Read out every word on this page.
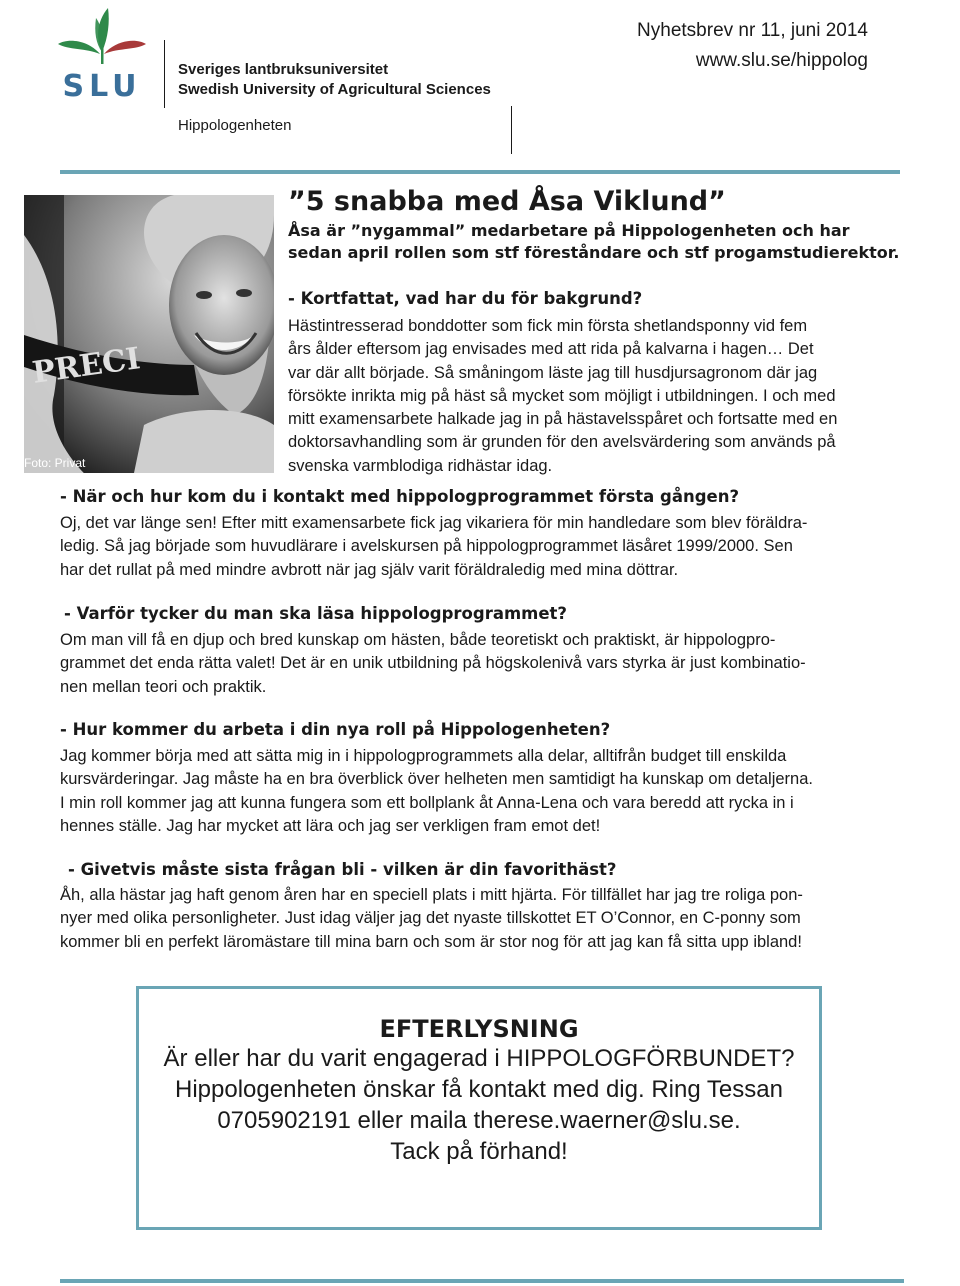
SLU Sveriges lantbruksuniversitet
Swedish University of Agricultural Sciences
Nyhetsbrev nr 11, juni 2014
www.slu.se/hippolog
Hippologenheten
PRECI
Foto: Privat
”5 snabba med Åsa Viklund”
Åsa är ”nygammal” medarbetare på Hippologenheten och har sedan april rollen som stf föreståndare och stf progamstudierektor.
- Kortfattat, vad har du för bakgrund?
Hästintresserad bonddotter som fick min första shetlandsponny vid fem
års ålder eftersom jag envisades med att rida på kalvarna i hagen… Det
var där allt började. Så småningom läste jag till husdjursagronom där jag
försökte inrikta mig på häst så mycket som möjligt i utbildningen. I och med
mitt examensarbete halkade jag in på hästavelsspåret och fortsatte med en
doktorsavhandling som är grunden för den avelsvärdering som används på
svenska varmblodiga ridhästar idag.
- När och hur kom du i kontakt med hippologprogrammet första gången?
Oj, det var länge sen! Efter mitt examensarbete fick jag vikariera för min handledare som blev föräldra-
ledig. Så jag började som huvudlärare i avelskursen på hippologprogrammet läsåret 1999/2000. Sen
har det rullat på med mindre avbrott när jag själv varit föräldraledig med mina döttrar.
- Varför tycker du man ska läsa hippologprogrammet?
Om man vill få en djup och bred kunskap om hästen, både teoretiskt och praktiskt, är hippologpro-
grammet det enda rätta valet! Det är en unik utbildning på högskolenivå vars styrka är just kombinatio-
nen mellan teori och praktik.
- Hur kommer du arbeta i din nya roll på Hippologenheten?
Jag kommer börja med att sätta mig in i hippologprogrammets alla delar, alltifrån budget till enskilda
kursvärderingar. Jag måste ha en bra överblick över helheten men samtidigt ha kunskap om detaljerna.
I min roll kommer jag att kunna fungera som ett bollplank åt Anna-Lena och vara beredd att rycka in i
hennes ställe. Jag har mycket att lära och jag ser verkligen fram emot det!
- Givetvis måste sista frågan bli - vilken är din favorithäst?
Åh, alla hästar jag haft genom åren har en speciell plats i mitt hjärta. För tillfället har jag tre roliga pon-
nyer med olika personligheter. Just idag väljer jag det nyaste tillskottet ET O’Connor, en C-ponny som
kommer bli en perfekt läromästare till mina barn och som är stor nog för att jag kan få sitta upp ibland!
EFTERLYSNING
Är eller har du varit engagerad i HIPPOLOGFÖRBUNDET?
Hippologenheten önskar få kontakt med dig. Ring Tessan
0705902191 eller maila therese.waerner@slu.se.
Tack på förhand!
